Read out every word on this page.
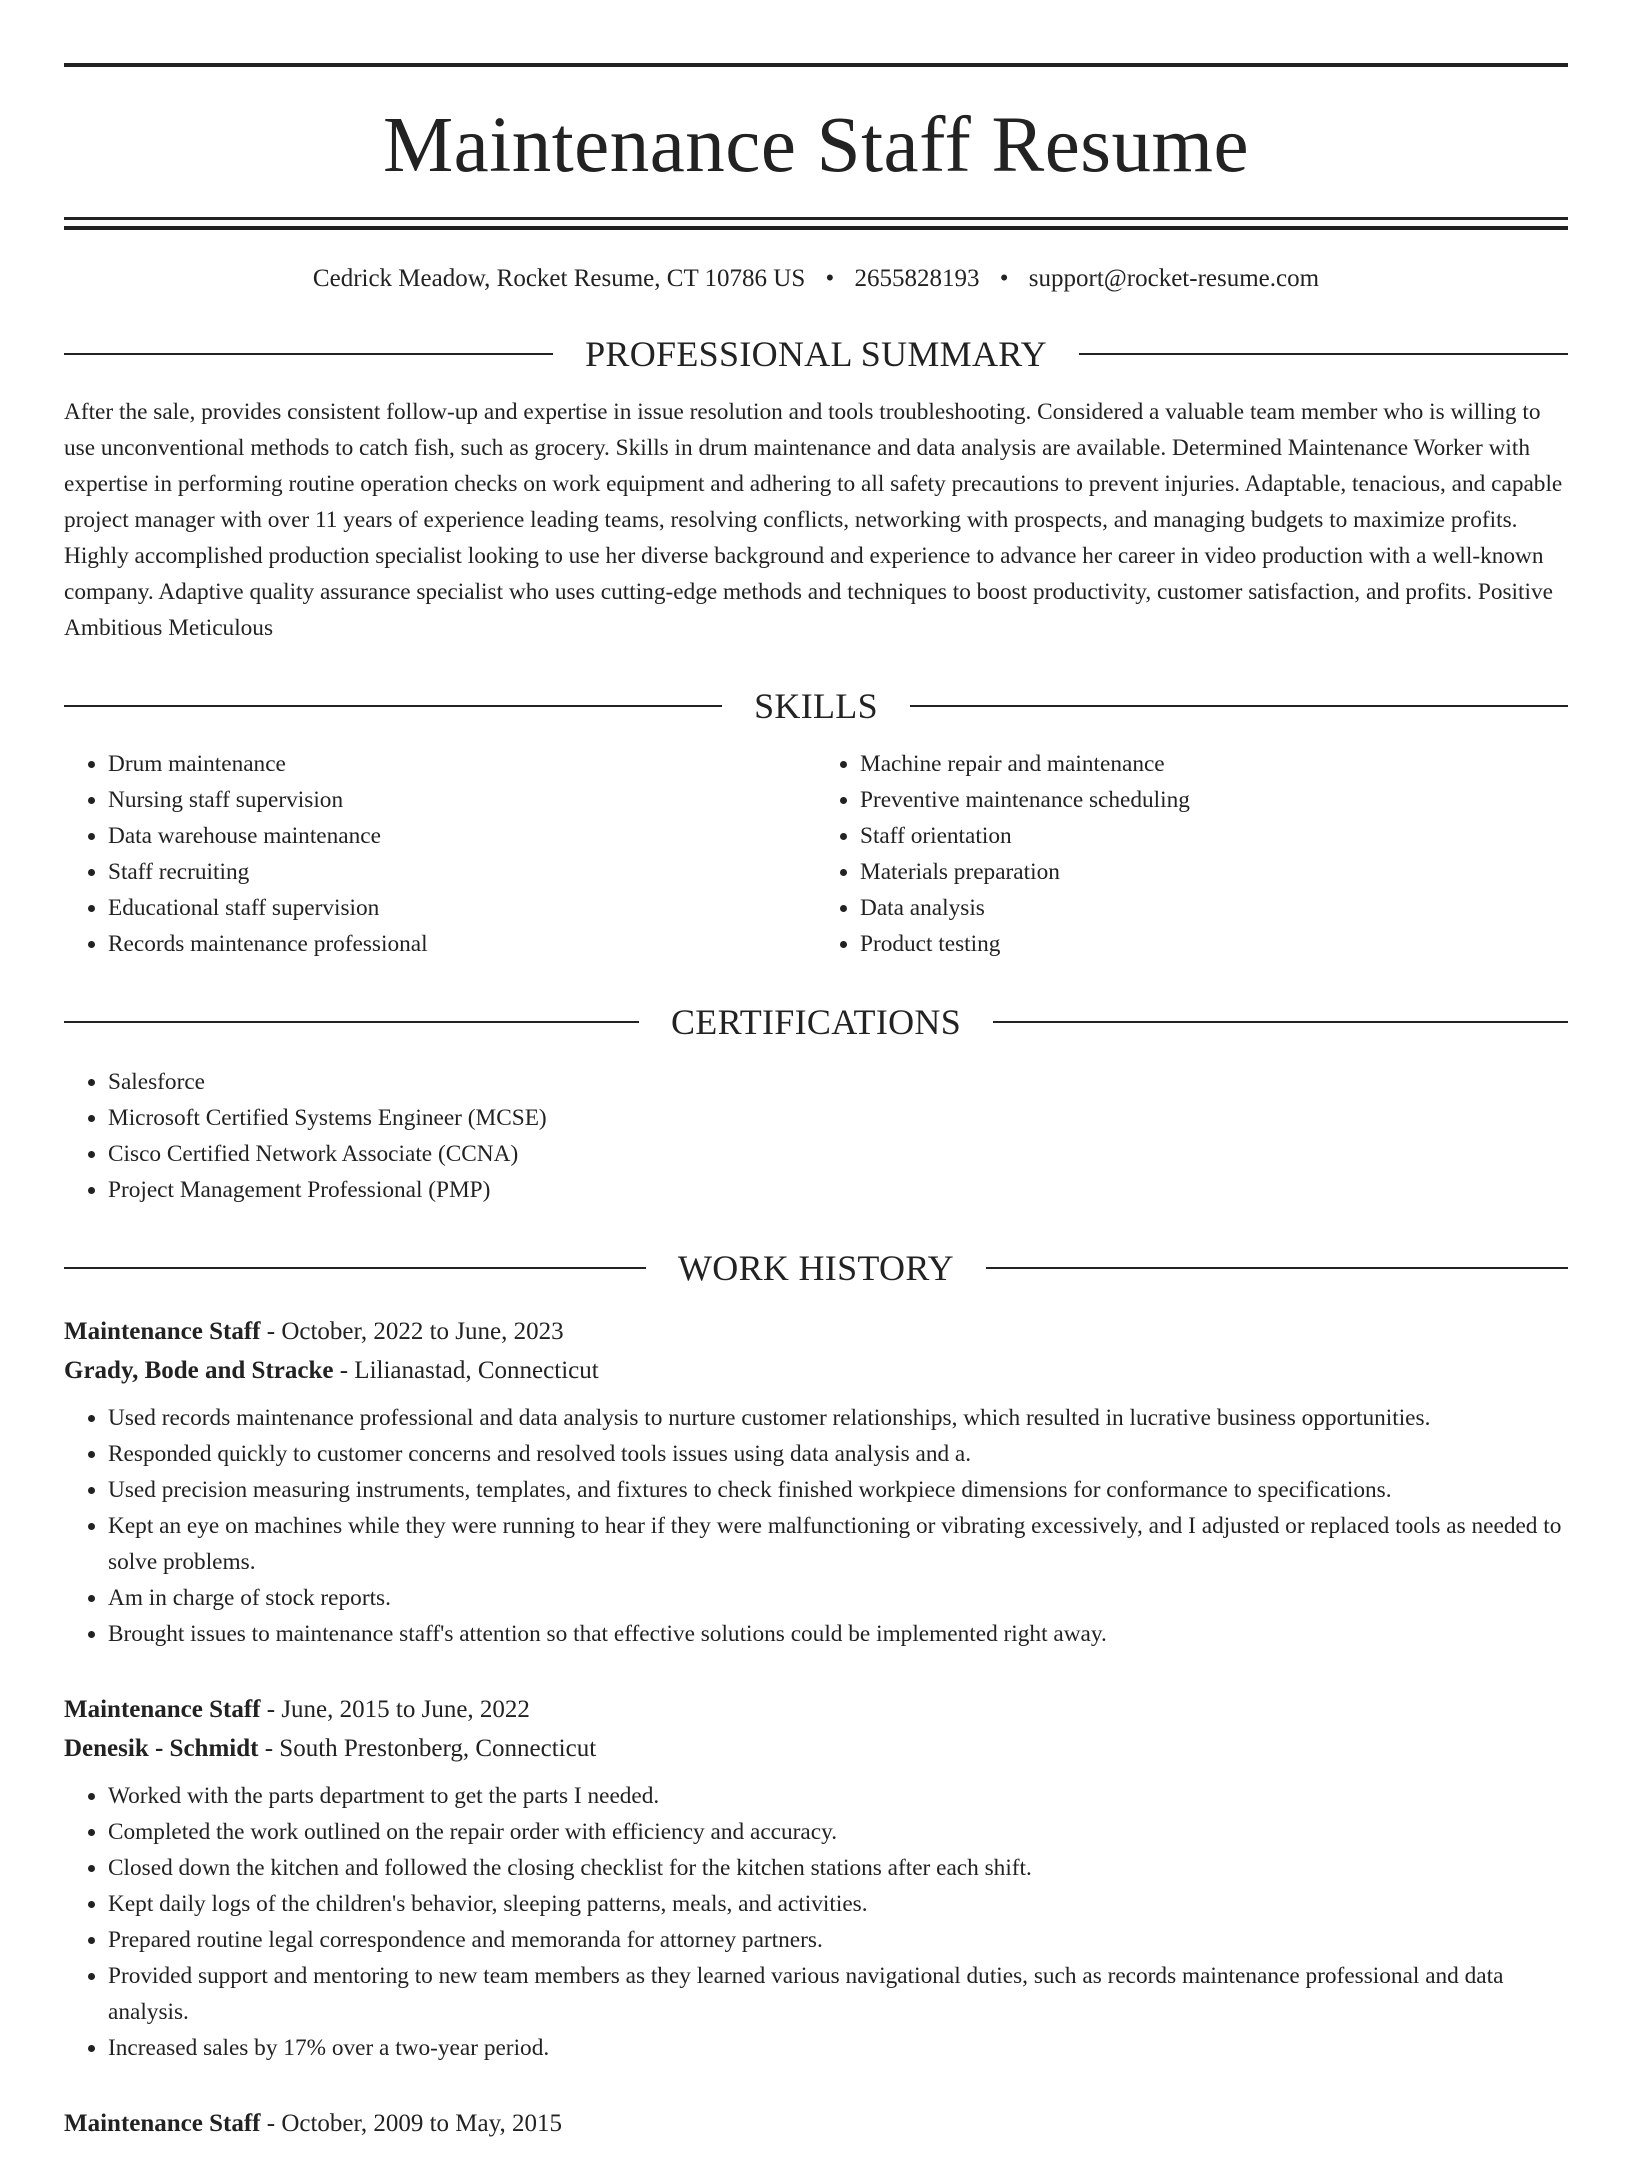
Maintenance Staff Resume
Cedrick Meadow, Rocket Resume, CT 10786 US • 2655828193 • support@rocket-resume.com
PROFESSIONAL SUMMARY
After the sale, provides consistent follow-up and expertise in issue resolution and tools troubleshooting. Considered a valuable team member who is willing to use unconventional methods to catch fish, such as grocery. Skills in drum maintenance and data analysis are available. Determined Maintenance Worker with expertise in performing routine operation checks on work equipment and adhering to all safety precautions to prevent injuries. Adaptable, tenacious, and capable project manager with over 11 years of experience leading teams, resolving conflicts, networking with prospects, and managing budgets to maximize profits. Highly accomplished production specialist looking to use her diverse background and experience to advance her career in video production with a well-known company. Adaptive quality assurance specialist who uses cutting-edge methods and techniques to boost productivity, customer satisfaction, and profits. Positive Ambitious Meticulous
SKILLS
• Drum maintenance
• Nursing staff supervision
• Data warehouse maintenance
• Staff recruiting
• Educational staff supervision
• Records maintenance professional
• Machine repair and maintenance
• Preventive maintenance scheduling
• Staff orientation
• Materials preparation
• Data analysis
• Product testing
CERTIFICATIONS
• Salesforce
• Microsoft Certified Systems Engineer (MCSE)
• Cisco Certified Network Associate (CCNA)
• Project Management Professional (PMP)
WORK HISTORY
Maintenance Staff - October, 2022 to June, 2023
Grady, Bode and Stracke - Lilianastad, Connecticut
• Used records maintenance professional and data analysis to nurture customer relationships, which resulted in lucrative business opportunities.
• Responded quickly to customer concerns and resolved tools issues using data analysis and a.
• Used precision measuring instruments, templates, and fixtures to check finished workpiece dimensions for conformance to specifications.
• Kept an eye on machines while they were running to hear if they were malfunctioning or vibrating excessively, and I adjusted or replaced tools as needed to solve problems.
• Am in charge of stock reports.
• Brought issues to maintenance staff's attention so that effective solutions could be implemented right away.
Maintenance Staff - June, 2015 to June, 2022
Denesik - Schmidt - South Prestonberg, Connecticut
• Worked with the parts department to get the parts I needed.
• Completed the work outlined on the repair order with efficiency and accuracy.
• Closed down the kitchen and followed the closing checklist for the kitchen stations after each shift.
• Kept daily logs of the children's behavior, sleeping patterns, meals, and activities.
• Prepared routine legal correspondence and memoranda for attorney partners.
• Provided support and mentoring to new team members as they learned various navigational duties, such as records maintenance professional and data analysis.
• Increased sales by 17% over a two-year period.
Maintenance Staff - October, 2009 to May, 2015
